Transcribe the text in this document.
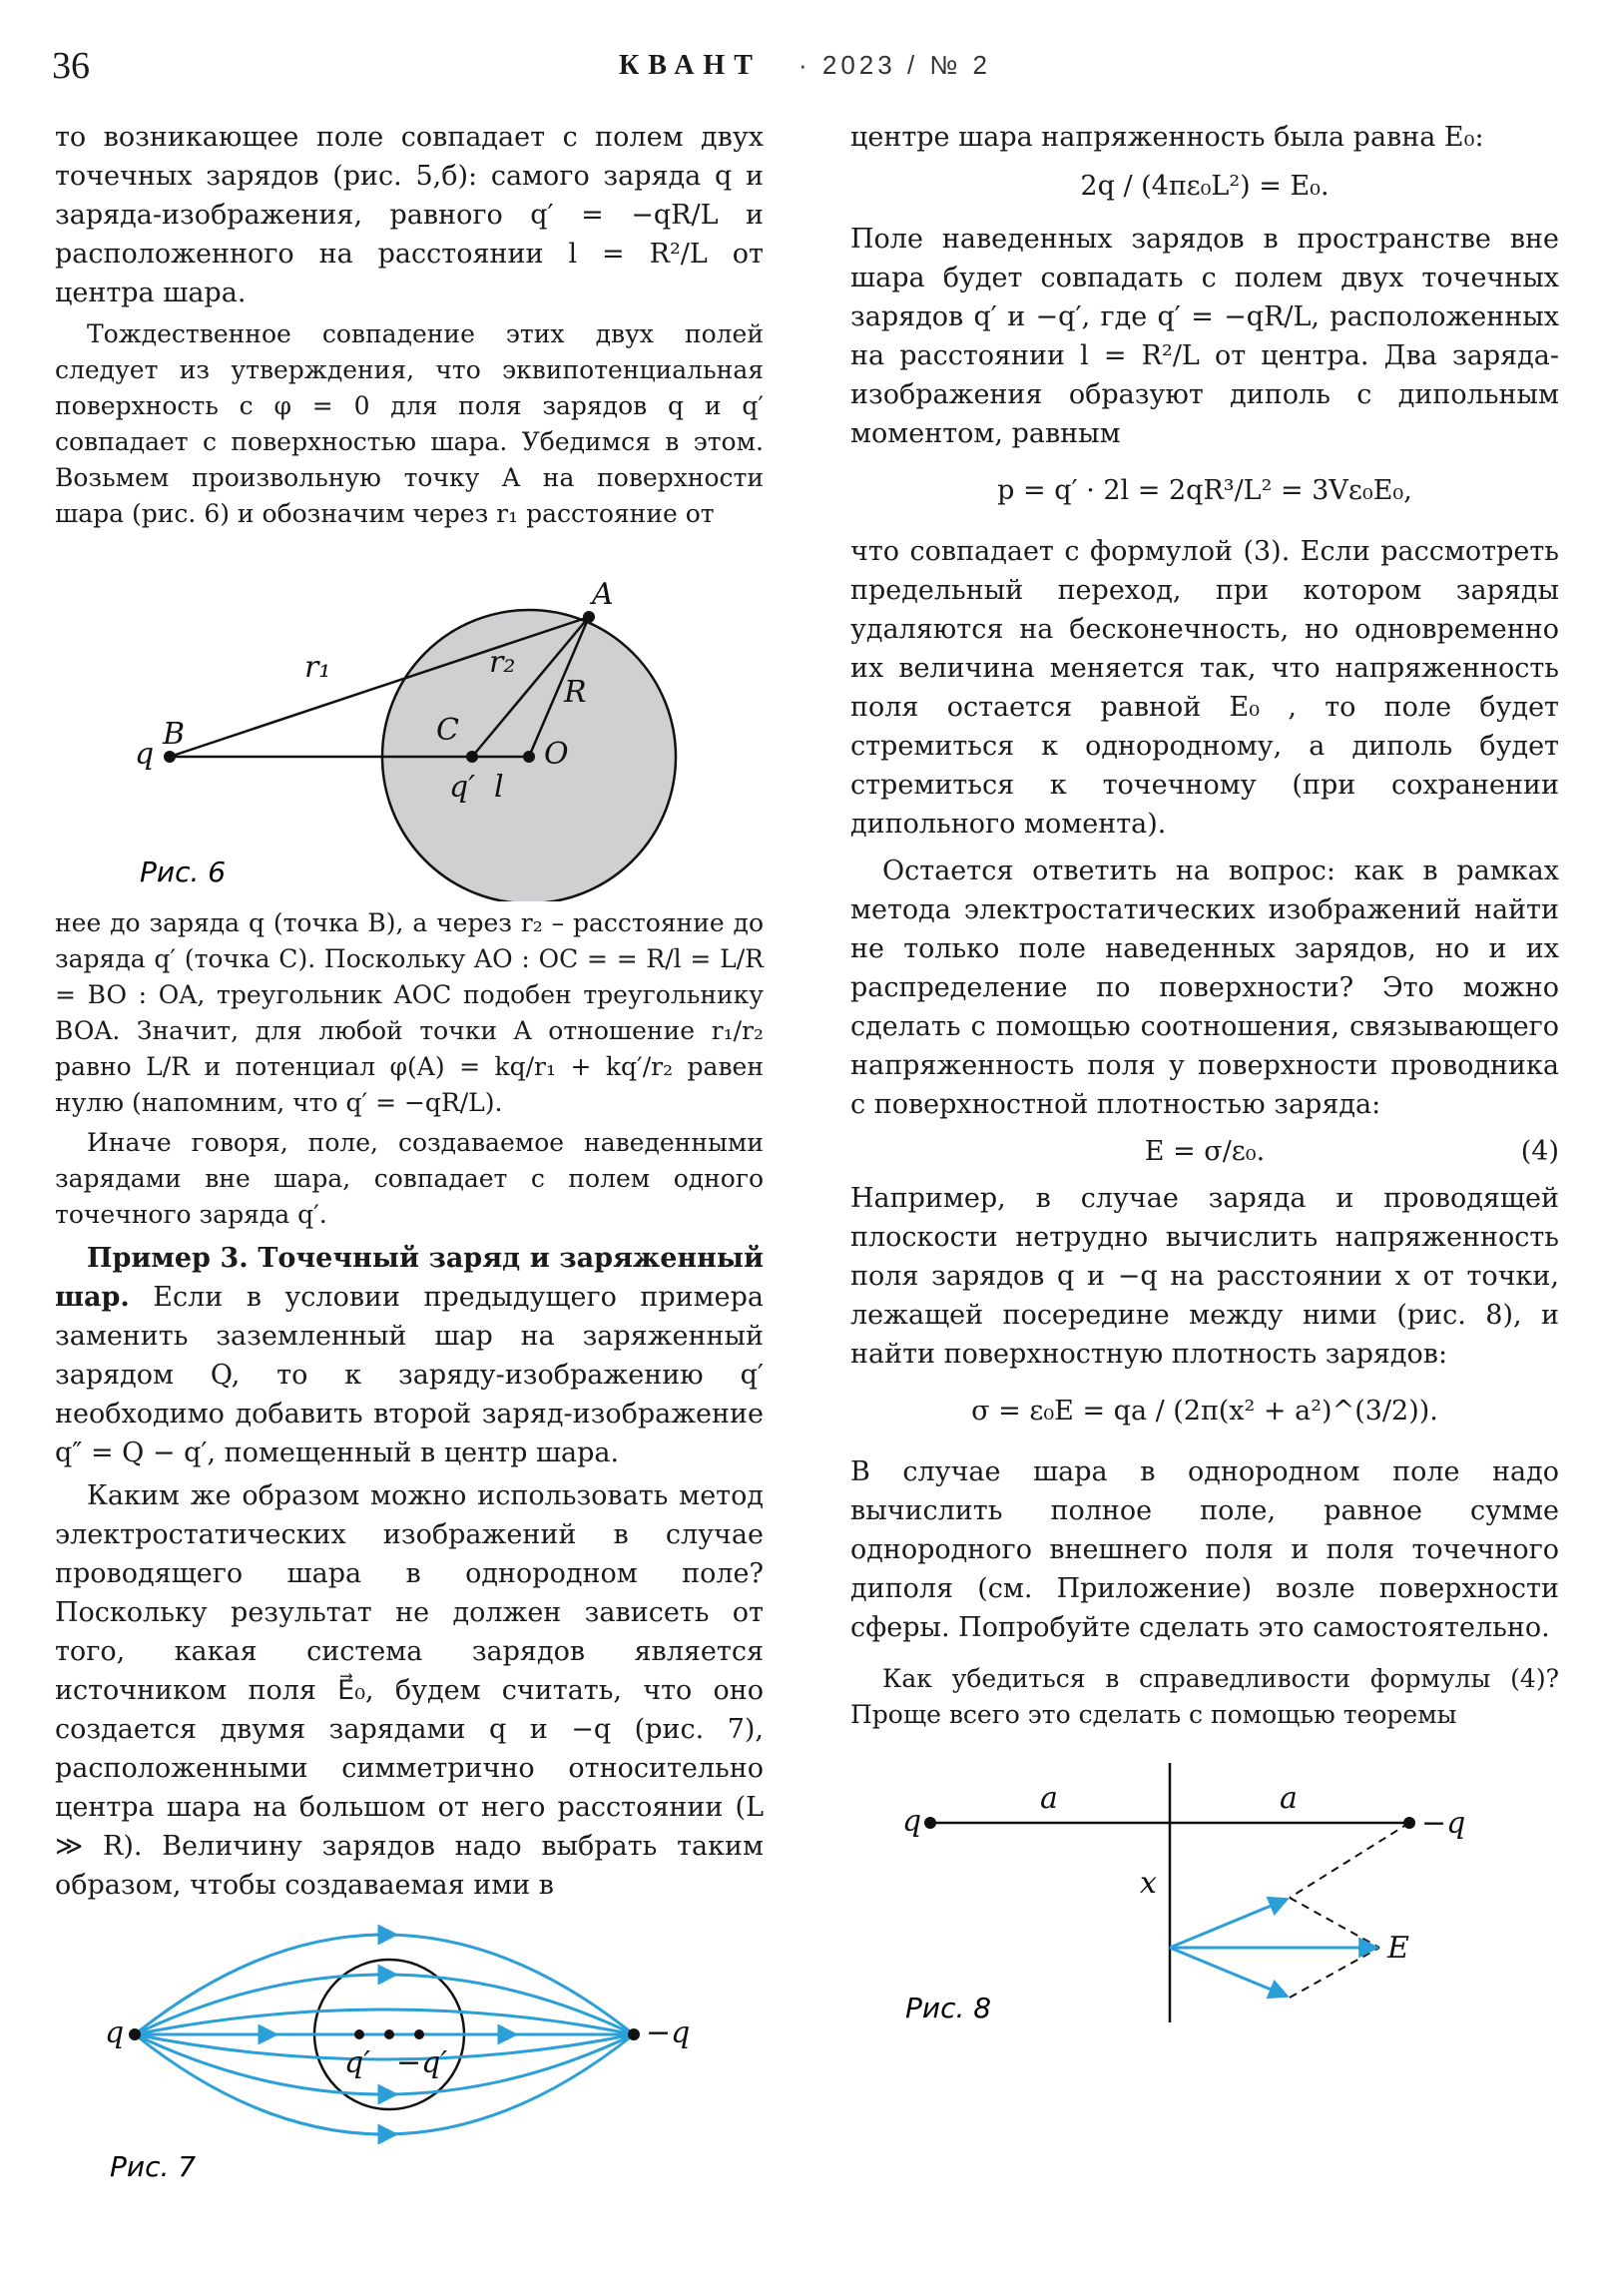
36	КВАНТ · 2023 / № 2

то возникающее поле совпадает с полем двух точечных зарядов (рис. 5,б): самого заряда q и заряда-изображения, равного q′ = −qR/L и расположенного на расстоянии l = R²/L от центра шара.

Тождественное совпадение этих двух полей следует из утверждения, что эквипотенциальная поверхность с φ = 0 для поля зарядов q и q′ совпадает с поверхностью шара. Убедимся в этом. Возьмем произвольную точку A на поверхности шара (рис. 6) и обозначим через r₁ расстояние от

A
B
q
C
O
q′ l
r₁	r₂
R
Рис. 6

нее до заряда q (точка B), а через r₂ – расстояние до заряда q′ (точка C). Поскольку AO : OC = = R/l = L/R = BO : OA, треугольник AOC подобен треугольнику BOA. Значит, для любой точки A отношение r₁/r₂ равно L/R и потенциал φ(A) = kq/r₁ + kq′/r₂ равен нулю (напомним, что q′ = −qR/L).

Иначе говоря, поле, создаваемое наведенными зарядами вне шара, совпадает с полем одного точечного заряда q′.

Пример 3. Точечный заряд и заряженный шар. Если в условии предыдущего примера заменить заземленный шар на заряженный зарядом Q, то к заряду-изображению q′ необходимо добавить второй заряд-изображение q″ = Q − q′, помещенный в центр шара.

Каким же образом можно использовать метод электростатических изображений в случае проводящего шара в однородном поле? Поскольку результат не должен зависеть от того, какая система зарядов является источником поля E⃗₀, будем считать, что оно создается двумя зарядами q и −q (рис. 7), расположенными симметрично относительно центра шара на большом от него расстоянии (L ≫ R). Величину зарядов надо выбрать таким образом, чтобы создаваемая ими в

q	−q
q′ −q′
Рис. 7

центре шара напряженность была равна E₀:

2q / (4πε₀L²) = E₀.

Поле наведенных зарядов в пространстве вне шара будет совпадать с полем двух точечных зарядов q′ и −q′, где q′ = −qR/L, расположенных на расстоянии l = R²/L от центра. Два заряда-изображения образуют диполь с дипольным моментом, равным

p = q′ · 2l = 2qR³/L² = 3Vε₀E₀,

что совпадает с формулой (3). Если рассмотреть предельный переход, при котором заряды удаляются на бесконечность, но одновременно их величина меняется так, что напряженность поля остается равной E₀ , то поле будет стремиться к однородному, а диполь будет стремиться к точечному (при сохранении дипольного момента).

Остается ответить на вопрос: как в рамках метода электростатических изображений найти не только поле наведенных зарядов, но и их распределение по поверхности? Это можно сделать с помощью соотношения, связывающего напряженность поля у поверхности проводника с поверхностной плотностью заряда:

E = σ/ε₀.	(4)

Например, в случае заряда и проводящей плоскости нетрудно вычислить напряженность поля зарядов q и −q на расстоянии x от точки, лежащей посередине между ними (рис. 8), и найти поверхностную плотность зарядов:

σ = ε₀E = qa / (2π(x² + a²)^(3/2)).

В случае шара в однородном поле надо вычислить полное поле, равное сумме однородного внешнего поля и поля точечного диполя (см. Приложение) возле поверхности сферы. Попробуйте сделать это самостоятельно.

Как убедиться в справедливости формулы (4)? Проще всего это сделать с помощью теоремы

q	−q
a	a
x
E
Рис. 8
